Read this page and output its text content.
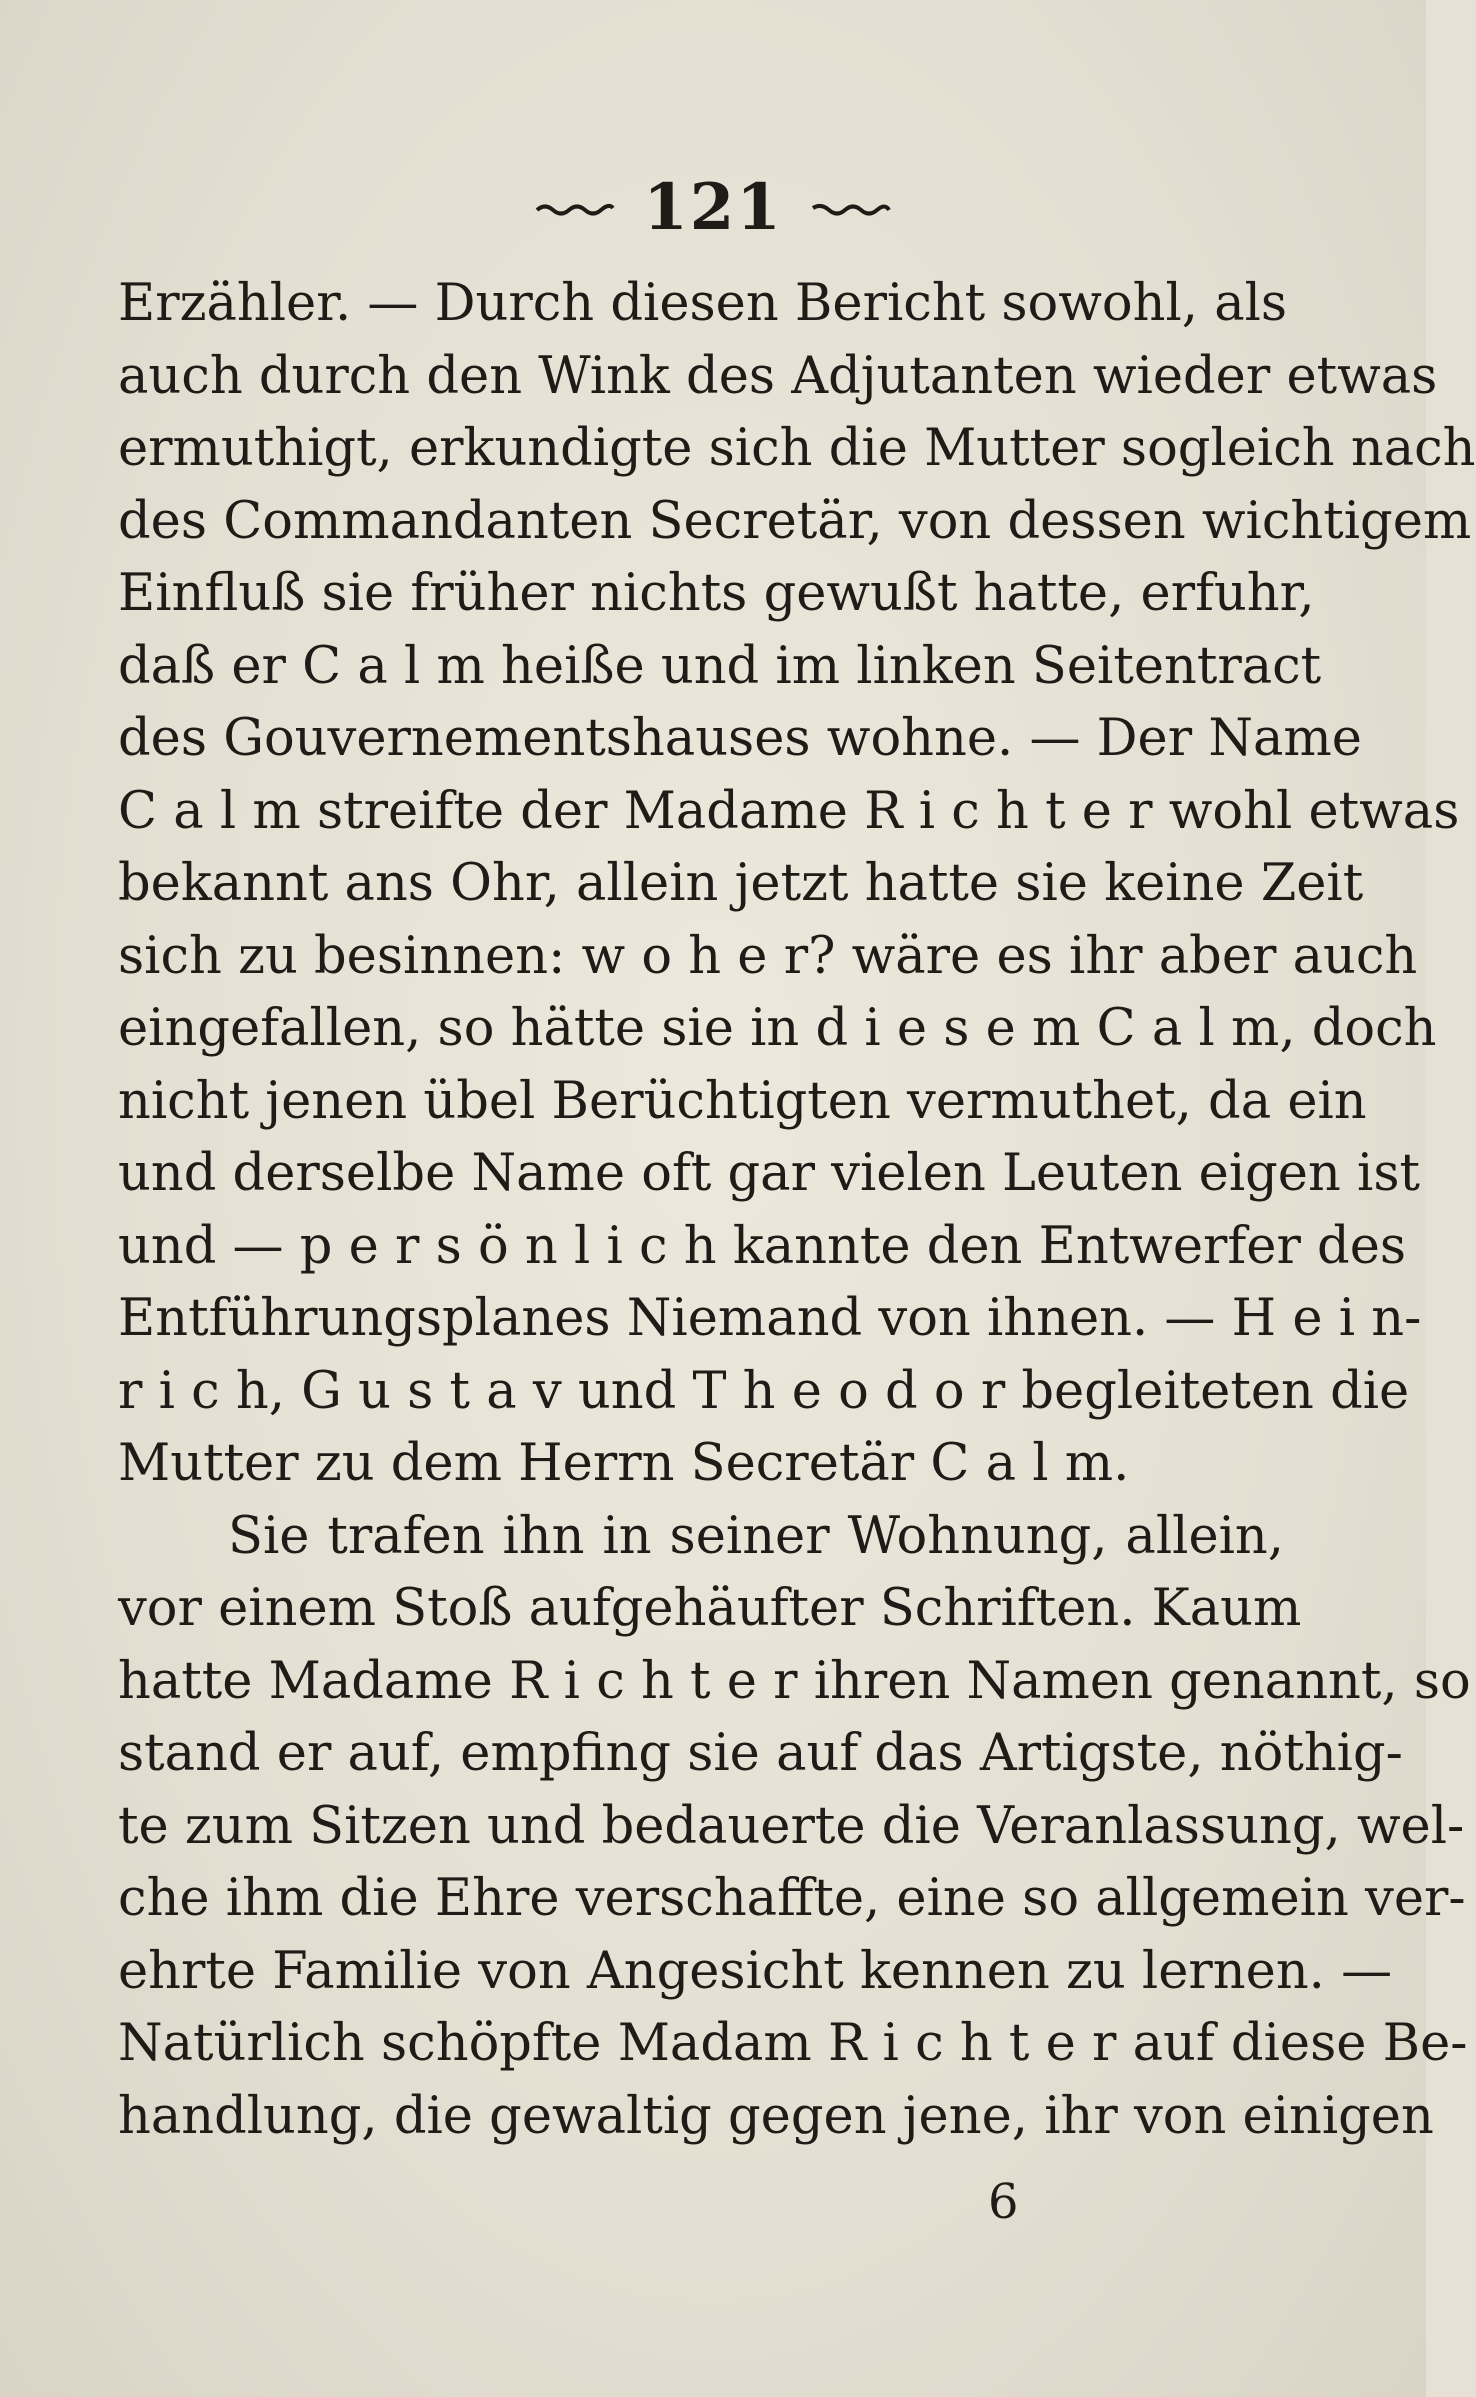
121
Erzähler. — Durch diesen Bericht sowohl, als
auch durch den Wink des Adjutanten wieder etwas
ermuthigt, erkundigte sich die Mutter sogleich nach
des Commandanten Secretär, von dessen wichtigem
Einfluß sie früher nichts gewußt hatte, erfuhr,
daß er C a l m heiße und im linken Seitentract
des Gouvernementshauses wohne. — Der Name
C a l m streifte der Madame R i c h t e r wohl etwas
bekannt ans Ohr, allein jetzt hatte sie keine Zeit
sich zu besinnen: w o h e r? wäre es ihr aber auch
eingefallen, so hätte sie in d i e s e m C a l m, doch
nicht jenen übel Berüchtigten vermuthet, da ein
und derselbe Name oft gar vielen Leuten eigen ist
und — p e r s ö n l i c h kannte den Entwerfer des
Entführungsplanes Niemand von ihnen. — H e i n-
r i c h, G u s t a v und T h e o d o r begleiteten die
Mutter zu dem Herrn Secretär C a l m.
Sie trafen ihn in seiner Wohnung, allein,
vor einem Stoß aufgehäufter Schriften. Kaum
hatte Madame R i c h t e r ihren Namen genannt, so
stand er auf, empfing sie auf das Artigste, nöthig-
te zum Sitzen und bedauerte die Veranlassung, wel-
che ihm die Ehre verschaffte, eine so allgemein ver-
ehrte Familie von Angesicht kennen zu lernen. —
Natürlich schöpfte Madam R i c h t e r auf diese Be-
handlung, die gewaltig gegen jene, ihr von einigen
6
